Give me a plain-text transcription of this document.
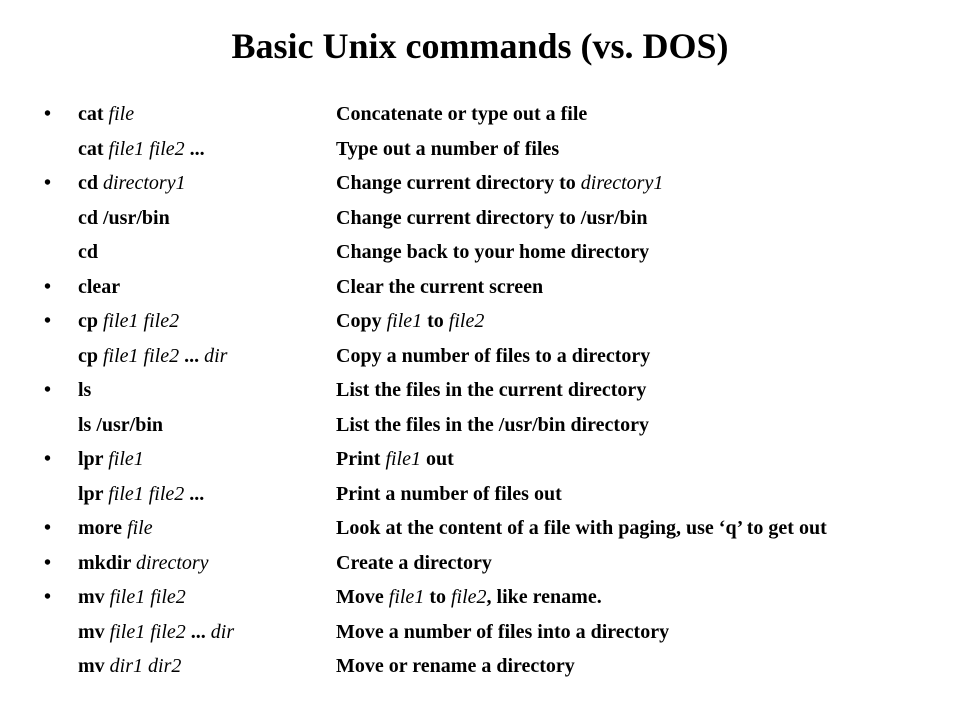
Basic Unix commands (vs. DOS)
• cat file	Concatenate or type out a file
cat file1 file2 ...	Type out a number of files
• cd directory1	Change current directory to directory1
cd /usr/bin	Change current directory to /usr/bin
cd	Change back to your home directory
• clear	Clear the current screen
• cp file1 file2	Copy file1 to file2
cp file1 file2 ... dir	Copy a number of files to a directory
• ls	List the files in the current directory
ls /usr/bin	List the files in the /usr/bin directory
• lpr file1	Print file1 out
lpr file1 file2 ...	Print a number of files out
• more file	Look at the content of a file with paging, use ‘q’ to get out
• mkdir directory	Create a directory
• mv file1 file2	Move file1 to file2, like rename.
mv file1 file2 ... dir	Move a number of files into a directory
mv dir1 dir2	Move or rename a directory
